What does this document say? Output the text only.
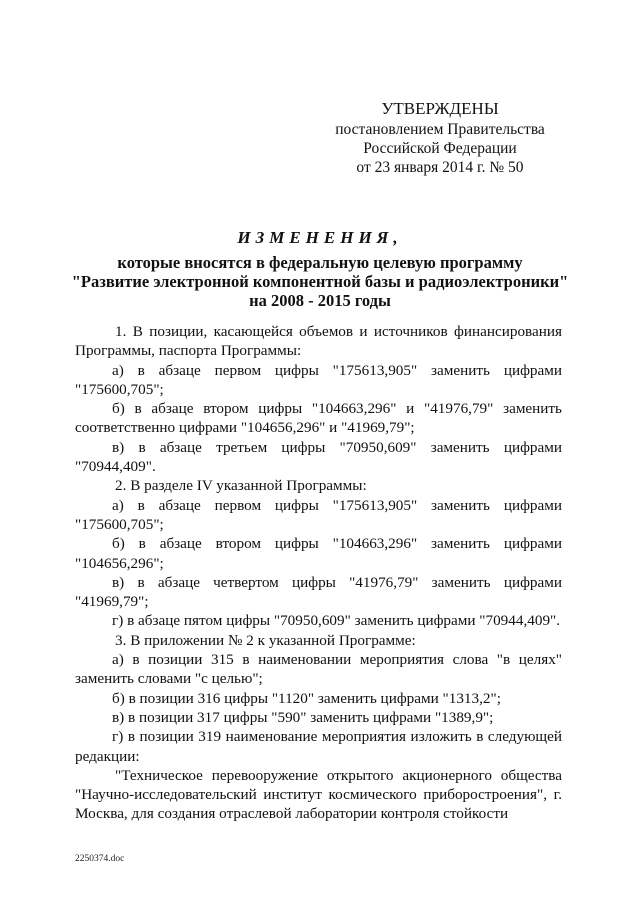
УТВЕРЖДЕНЫ
постановлением Правительства
Российской Федерации
от 23 января 2014 г. № 50
ИЗМЕНЕНИЯ,
которые вносятся в федеральную целевую программу
"Развитие электронной компонентной базы и радиоэлектроники"
на 2008 - 2015 годы

1. В позиции, касающейся объемов и источников финансирования Программы, паспорта Программы:

а) в абзаце первом цифры "175613,905" заменить цифрами "175600,705";

б) в абзаце втором цифры "104663,296" и "41976,79" заменить соответственно цифрами "104656,296" и "41969,79";

в) в абзаце третьем цифры "70950,609" заменить цифрами "70944,409".

2. В разделе IV указанной Программы:

а) в абзаце первом цифры "175613,905" заменить цифрами "175600,705";

б) в абзаце втором цифры "104663,296" заменить цифрами "104656,296";

в) в абзаце четвертом цифры "41976,79" заменить цифрами "41969,79";

г) в абзаце пятом цифры "70950,609" заменить цифрами "70944,409".

3. В приложении № 2 к указанной Программе:

а) в позиции 315 в наименовании мероприятия слова "в целях" заменить словами "с целью";

б) в позиции 316 цифры "1120" заменить цифрами "1313,2";

в) в позиции 317 цифры "590" заменить цифрами "1389,9";

г) в позиции 319 наименование мероприятия изложить в следующей редакции:

"Техническое перевооружение открытого акционерного общества "Научно-исследовательский институт космического приборостроения", г. Москва, для создания отраслевой лаборатории контроля стойкости

2250374.doc
